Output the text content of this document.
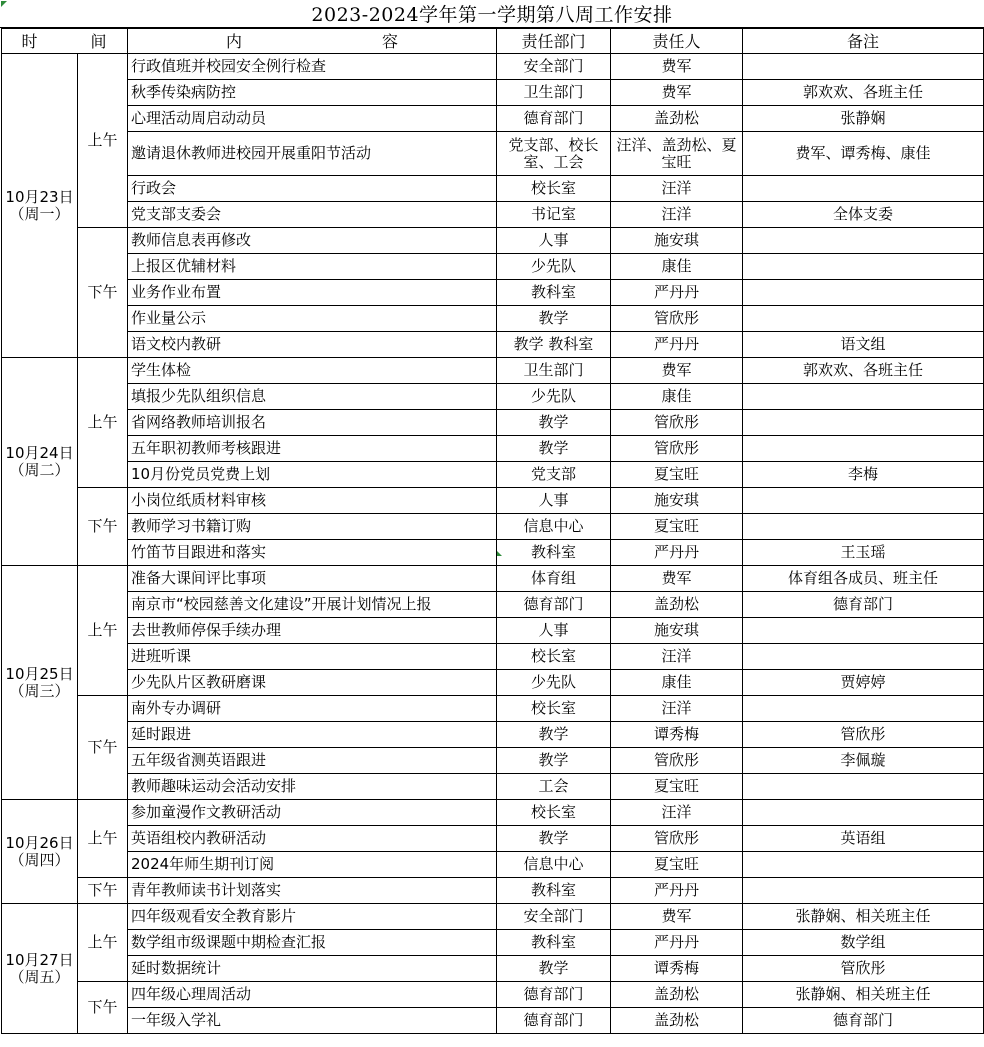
2023-2024学年第一学期第八周工作安排
时 间		内 容	责任部门	责任人	备注

10月23日
（周一）	上午	行政值班并校园安全例行检查	安全部门	费军	
		秋季传染病防控	卫生部门	费军	郭欢欢、各班主任
		心理活动周启动动员	德育部门	盖劲松	张静娴
		邀请退休教师进校园开展重阳节活动	党支部、校长室、工会	汪洋、盖劲松、夏宝旺	费军、谭秀梅、康佳
		行政会	校长室	汪洋	
		党支部支委会	书记室	汪洋	全体支委
	下午	教师信息表再修改	人事	施安琪	
		上报区优辅材料	少先队	康佳	
		业务作业布置	教科室	严丹丹	
		作业量公示	教学	管欣彤	
		语文校内教研	教学 教科室	严丹丹	语文组

10月24日
（周二）	上午	学生体检	卫生部门	费军	郭欢欢、各班主任
		填报少先队组织信息	少先队	康佳	
		省网络教师培训报名	教学	管欣彤	
		五年职初教师考核跟进	教学	管欣彤	
		10月份党员党费上划	党支部	夏宝旺	李梅
	下午	小岗位纸质材料审核	人事	施安琪	
		教师学习书籍订购	信息中心	夏宝旺	
		竹笛节目跟进和落实	教科室	严丹丹	王玉瑶

10月25日
（周三）	上午	准备大课间评比事项	体育组	费军	体育组各成员、班主任
		南京市“校园慈善文化建设”开展计划情况上报	德育部门	盖劲松	德育部门
		去世教师停保手续办理	人事	施安琪	
		进班听课	校长室	汪洋	
		少先队片区教研磨课	少先队	康佳	贾婷婷
	下午	南外专办调研	校长室	汪洋	
		延时跟进	教学	谭秀梅	管欣彤
		五年级省测英语跟进	教学	管欣彤	李佩璇
		教师趣味运动会活动安排	工会	夏宝旺	

10月26日
（周四）	上午	参加童漫作文教研活动	校长室	汪洋	
		英语组校内教研活动	教学	管欣彤	英语组
		2024年师生期刊订阅	信息中心	夏宝旺	
	下午	青年教师读书计划落实	教科室	严丹丹	

10月27日
（周五）	上午	四年级观看安全教育影片	安全部门	费军	张静娴、相关班主任
		数学组市级课题中期检查汇报	教科室	严丹丹	数学组
		延时数据统计	教学	谭秀梅	管欣彤
	下午	四年级心理周活动	德育部门	盖劲松	张静娴、相关班主任
		一年级入学礼	德育部门	盖劲松	德育部门
